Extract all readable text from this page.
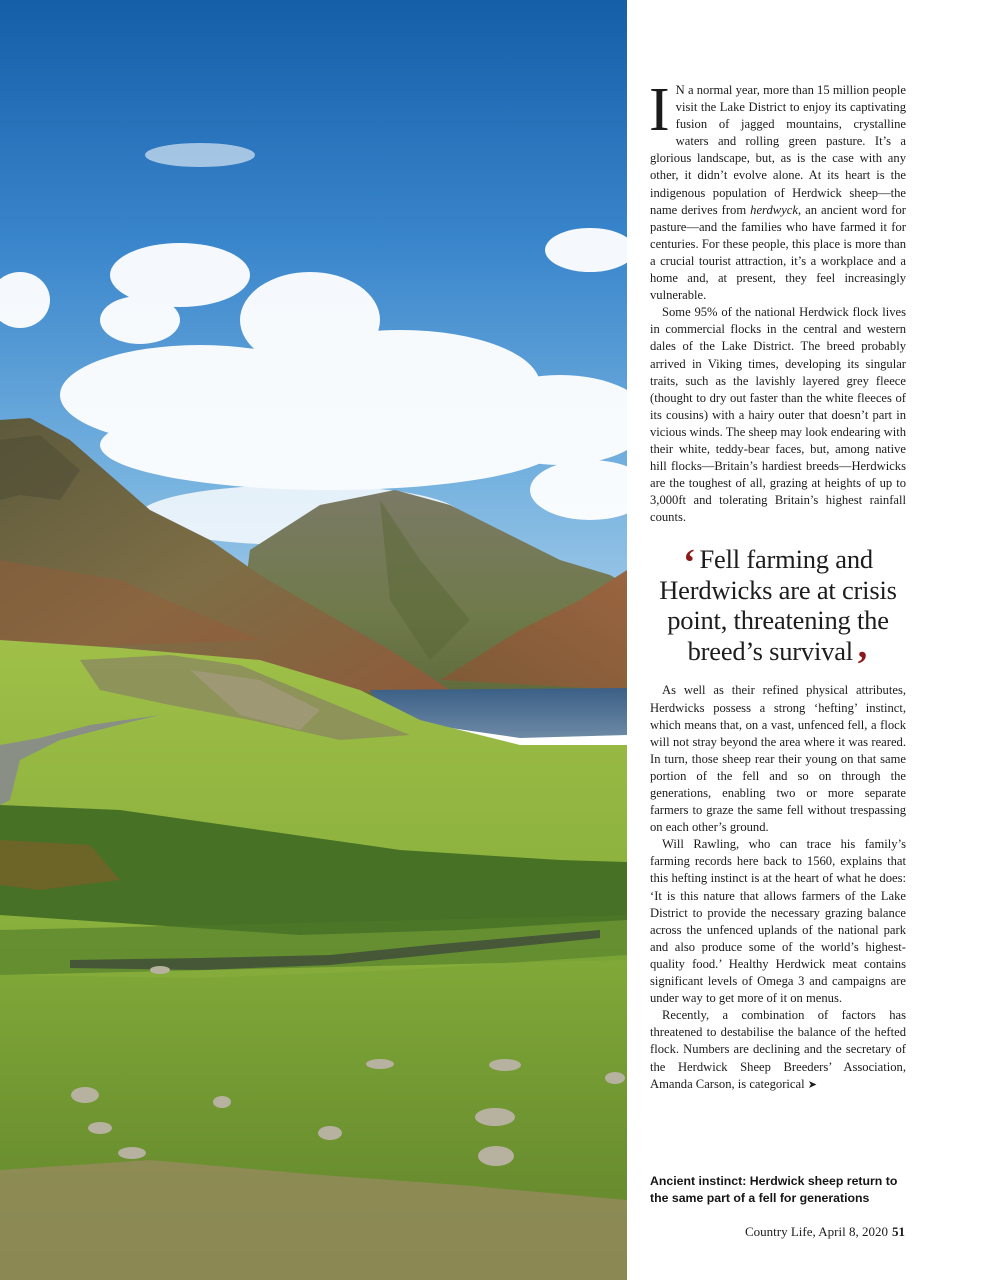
I N a normal year, more than 15 million people visit the Lake District to enjoy its captivating fusion of jagged mountains, crystalline waters and rolling green pasture. It’s a glorious landscape, but, as is the case with any other, it didn’t evolve alone. At its heart is the indigenous population of Herdwick sheep—the name derives from herdwyck, an ancient word for pasture—and the families who have farmed it for centuries. For these people, this place is more than a crucial tourist attraction, it’s a workplace and a home and, at present, they feel increasingly vulnerable.

Some 95% of the national Herdwick flock lives in commercial flocks in the central and western dales of the Lake District. The breed probably arrived in Viking times, developing its singular traits, such as the lavishly layered grey fleece (thought to dry out faster than the white fleeces of its cousins) with a hairy outer that doesn’t part in vicious winds. The sheep may look endearing with their white, teddy-bear faces, but, among native hill flocks—Britain’s hardiest breeds—Herdwicks are the toughest of all, grazing at heights of up to 3,000ft and tolerating Britain’s highest rainfall counts.

‘ Fell farming and Herdwicks are at crisis point, threatening the breed’s survival’

As well as their refined physical attributes, Herdwicks possess a strong ‘hefting’ instinct, which means that, on a vast, unfenced fell, a flock will not stray beyond the area where it was reared. In turn, those sheep rear their young on that same portion of the fell and so on through the generations, enabling two or more separate farmers to graze the same fell without trespassing on each other’s ground.

Will Rawling, who can trace his family’s farming records here back to 1560, explains that this hefting instinct is at the heart of what he does: ‘It is this nature that allows farmers of the Lake District to provide the necessary grazing balance across the unfenced uplands of the national park and also produce some of the world’s highest-quality food.’ Healthy Herdwick meat contains significant levels of Omega 3 and campaigns are under way to get more of it on menus.

Recently, a combination of factors has threatened to destabilise the balance of the hefted flock. Numbers are declining and the secretary of the Herdwick Sheep Breeders’ Association, Amanda Carson, is categorical ➤

Ancient instinct: Herdwick sheep return to the same part of a fell for generations
Country Life, April 8, 2020 51
